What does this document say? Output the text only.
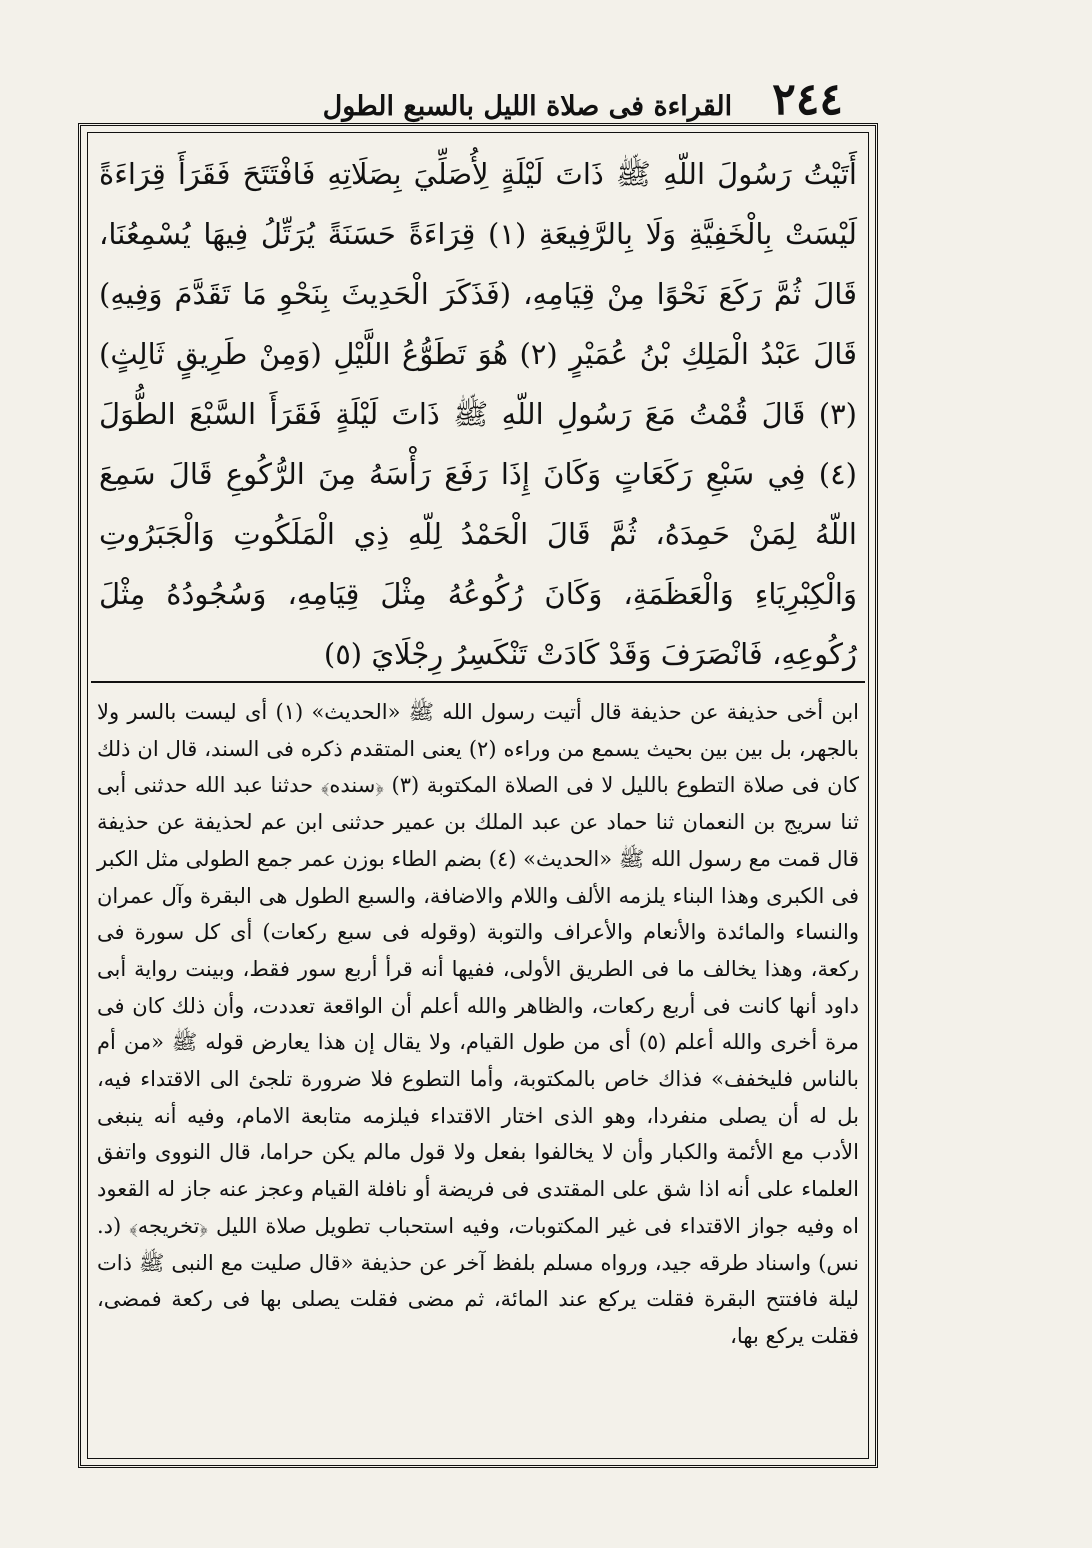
٢٤٤
القراءة فى صلاة الليل بالسبع الطول

أَتَيْتُ رَسُولَ اللّهِ ﷺ ذَاتَ لَيْلَةٍ لِأُصَلِّيَ بِصَلَاتِهِ فَافْتَتَحَ فَقَرَأَ قِرَاءَةً لَيْسَتْ بِالْخَفِيَّةِ وَلَا بِالرَّفِيعَةِ (١) قِرَاءَةً حَسَنَةً يُرَتِّلُ فِيهَا يُسْمِعُنَا، قَالَ ثُمَّ رَكَعَ نَحْوًا مِنْ قِيَامِهِ، (فَذَكَرَ الْحَدِيثَ بِنَحْوِ مَا تَقَدَّمَ وَفِيهِ) قَالَ عَبْدُ الْمَلِكِ بْنُ عُمَيْرٍ (٢) هُوَ تَطَوُّعُ اللَّيْلِ (وَمِنْ طَرِيقٍ ثَالِثٍ) (٣) قَالَ قُمْتُ مَعَ رَسُولِ اللّهِ ﷺ ذَاتَ لَيْلَةٍ فَقَرَأَ السَّبْعَ الطُّوَلَ (٤) فِي سَبْعِ رَكَعَاتٍ وَكَانَ إِذَا رَفَعَ رَأْسَهُ مِنَ الرُّكُوعِ قَالَ سَمِعَ اللّهُ لِمَنْ حَمِدَهُ، ثُمَّ قَالَ الْحَمْدُ لِلّهِ ذِي الْمَلَكُوتِ وَالْجَبَرُوتِ وَالْكِبْرِيَاءِ وَالْعَظَمَةِ، وَكَانَ رُكُوعُهُ مِثْلَ قِيَامِهِ، وَسُجُودُهُ مِثْلَ رُكُوعِهِ، فَانْصَرَفَ وَقَدْ كَادَتْ تَنْكَسِرُ رِجْلَايَ (٥)

ابن أخى حذيفة عن حذيفة قال أتيت رسول الله ﷺ «الحديث» (١) أى ليست بالسر ولا بالجهر، بل بين بين بحيث يسمع من وراءه (٢) يعنى المتقدم ذكره فى السند، قال ان ذلك كان فى صلاة التطوع بالليل لا فى الصلاة المكتوبة (٣) ﴿سنده﴾ حدثنا عبد الله حدثنى أبى ثنا سريج بن النعمان ثنا حماد عن عبد الملك بن عمير حدثنى ابن عم لحذيفة عن حذيفة قال قمت مع رسول الله ﷺ «الحديث» (٤) بضم الطاء بوزن عمر جمع الطولى مثل الكبر فى الكبرى وهذا البناء يلزمه الألف واللام والاضافة، والسبع الطول هى البقرة وآل عمران والنساء والمائدة والأنعام والأعراف والتوبة (وقوله فى سبع ركعات) أى كل سورة فى ركعة، وهذا يخالف ما فى الطريق الأولى، ففيها أنه قرأ أربع سور فقط، وبينت رواية أبى داود أنها كانت فى أربع ركعات، والظاهر والله أعلم أن الواقعة تعددت، وأن ذلك كان فى مرة أخرى والله أعلم (٥) أى من طول القيام، ولا يقال إن هذا يعارض قوله ﷺ «من أم بالناس فليخفف» فذاك خاص بالمكتوبة، وأما التطوع فلا ضرورة تلجئ الى الاقتداء فيه، بل له أن يصلى منفردا، وهو الذى اختار الاقتداء فيلزمه متابعة الامام، وفيه أنه ينبغى الأدب مع الأئمة والكبار وأن لا يخالفوا بفعل ولا قول مالم يكن حراما، قال النووى واتفق العلماء على أنه اذا شق على المقتدى فى فريضة أو نافلة القيام وعجز عنه جاز له القعود اه وفيه جواز الاقتداء فى غير المكتوبات، وفيه استحباب تطويل صلاة الليل ﴿تخريجه﴾ (د. نس) واسناد طرقه جيد، ورواه مسلم بلفظ آخر عن حذيفة «قال صليت مع النبى ﷺ ذات ليلة فافتتح البقرة فقلت يركع عند المائة، ثم مضى فقلت يصلى بها فى ركعة فمضى، فقلت يركع بها،
